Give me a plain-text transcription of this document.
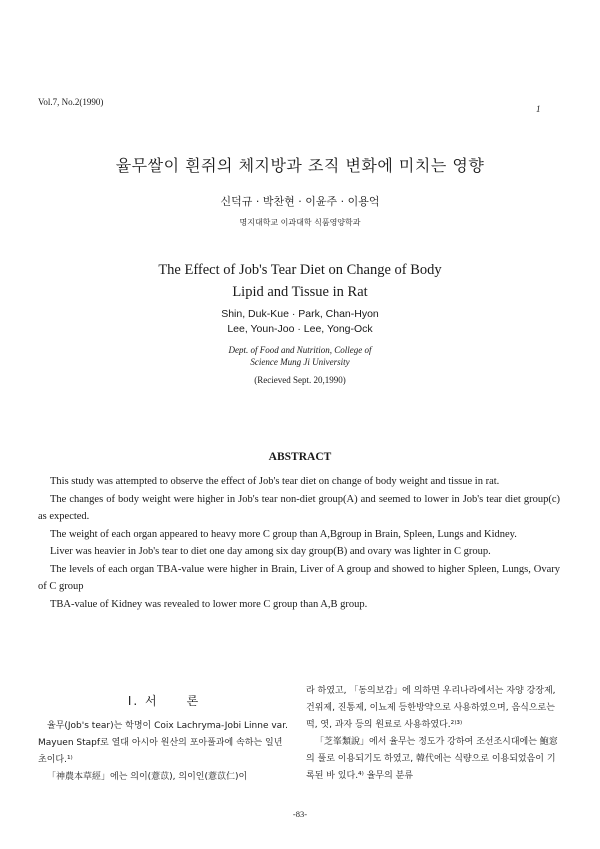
Vol.7, No.2(1990)
1
율무쌀이 흰쥐의 체지방과 조직 변화에 미치는 영향
신덕규 · 박찬현 · 이윤주 · 이용억
명지대학교 이과대학 식품영양학과
The Effect of Job's Tear Diet on Change of Body
Lipid and Tissue in Rat
Shin, Duk-Kue · Park, Chan-Hyon
Lee, Youn-Joo · Lee, Yong-Ock
Dept. of Food and Nutrition, College of
Science Mung Ji University
(Recieved Sept. 20,1990)
ABSTRACT

This study was attempted to observe the effect of Job's tear diet on change of body weight and tissue in rat.

The changes of body weight were higher in Job's tear non-diet group(A) and seemed to lower in Job's tear diet group(c) as expected.

The weight of each organ appeared to heavy more C group than A,Bgroup in Brain, Spleen, Lungs and Kidney.

Liver was heavier in Job's tear to diet one day among six day group(B) and ovary was lighter in C group.

The levels of each organ TBA-value were higher in Brain, Liver of A group and showed to higher Spleen, Lungs, Ovary of C group

TBA-value of Kidney was revealed to lower more C group than A,B group.

I. 서　　론

율무(Job's tear)는 학명이 Coix Lachryma-Jobi Linne var. Mayuen Stapf로 열대 아시아 원산의 포아풀과에 속하는 일년초이다.¹⁾

「神農本草經」에는 의이(薏苡), 의이인(薏苡仁)이

라 하였고, 「동의보감」에 의하면 우리나라에서는 자양 강장제, 건위제, 진통제, 이뇨제 등한방약으로 사용하였으며, 음식으로는 떡, 엿, 과자 등의 원료로 사용하였다.²⁾³⁾

「芝峯類說」에서 율무는 정도가 강하여 조선조시대에는 鮑窓의 풀로 이용되기도 하였고, 韓代에는 식량으로 이용되었음이 기록된 바 있다.⁴⁾ 율무의 분류

-83-
